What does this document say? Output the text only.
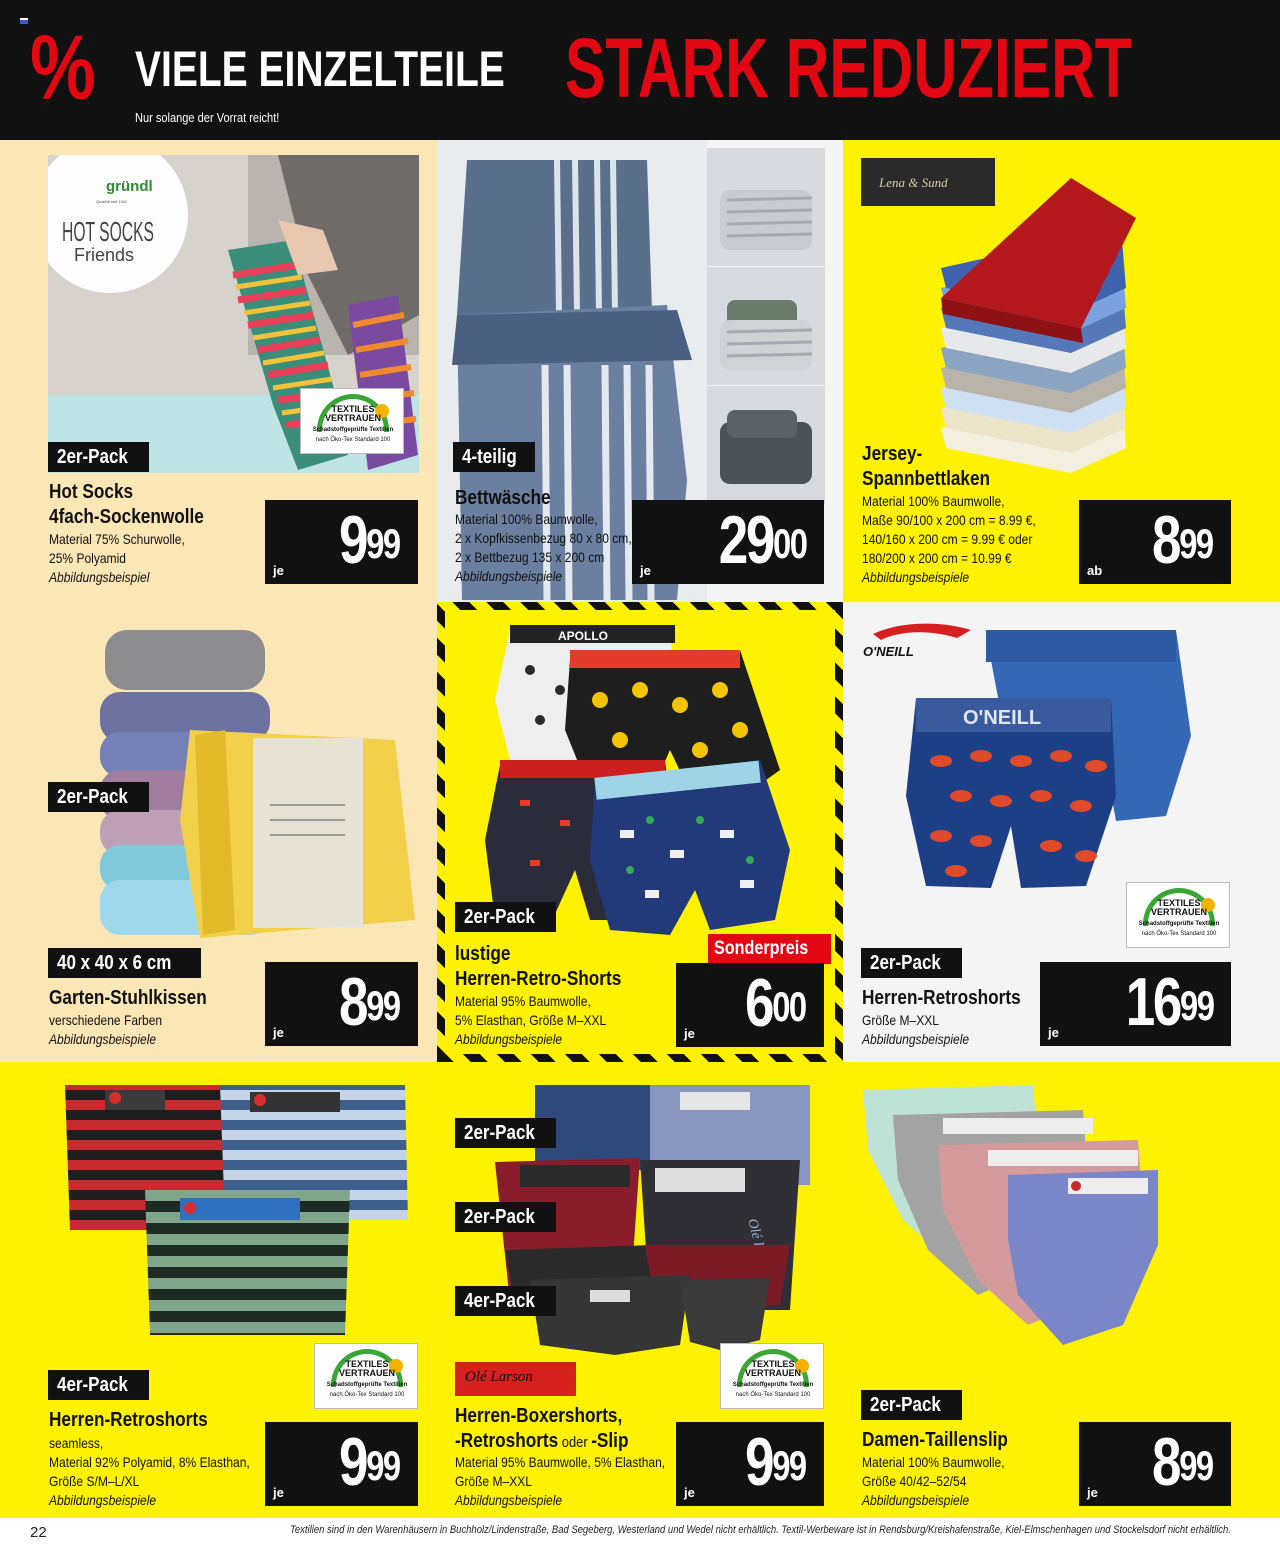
% VIELE EINZELTEILE STARK REDUZIERT
Nur solange der Vorrat reicht!
gründl
Qualität seit 1962
HOT SOCKS
Friends
TEXTILES
VERTRAUEN
Schadstoffgeprüfte Textilien
nach Öko-Tex Standard 100
2er-Pack
Hot Socks
4fach-Sockenwolle
Material 75% Schurwolle,
25% Polyamid
Abbildungsbeispiel	je $9^{99}$
4-teilig
Bettwäsche
Material 100% Baumwolle,
2 x Kopfkissenbezug 80 x 80 cm,
2 x Bettbezug 135 x 200 cm
Abbildungsbeispiele	je $29^{00}$
Lena & Sund
Jersey-
Spannbettlaken
Material 100% Baumwolle,
Maße 90/100 x 200 cm = 8.99 €,
140/160 x 200 cm = 9.99 € oder
180/200 x 200 cm = 10.99 €
Abbildungsbeispiele	ab $8^{99}$
2er-Pack
40 x 40 x 6 cm
Garten-Stuhlkissen
verschiedene Farben
Abbildungsbeispiele	je $8^{99}$
APOLLO
2er-Pack
lustige
Herren-Retro-Shorts
Material 95% Baumwolle,
5% Elasthan, Größe M–XXL
Abbildungsbeispiele
Sonderpreis
je $6^{00}$
O'NEILL
O'NEILL
TEXTILES
VERTRAUEN
Schadstoffgeprüfte Textilien
nach Öko-Tex Standard 100
2er-Pack
Herren-Retroshorts
Größe M–XXL
Abbildungsbeispiele	je $16^{99}$
TEXTILES
VERTRAUEN
Schadstoffgeprüfte Textilien
nach Öko-Tex Standard 100
4er-Pack
Herren-Retroshorts
seamless,
Material 92% Polyamid, 8% Elasthan,
Größe S/M–L/XL
Abbildungsbeispiele	je $9^{99}$
2er-Pack
2er-Pack
4er-Pack
Olé Larson
TEXTILES
VERTRAUEN
Schadstoffgeprüfte Textilien
nach Öko-Tex Standard 100
Herren-Boxershorts,
-Retroshorts oder -Slip
Material 95% Baumwolle, 5% Elasthan,
Größe M–XXL
Abbildungsbeispiele	je $9^{99}$
2er-Pack
Damen-Taillenslip
Material 100% Baumwolle,
Größe 40/42–52/54
Abbildungsbeispiele	je $8^{99}$
22	Textilien sind in den Warenhäusern in Buchholz/Lindenstraße, Bad Segeberg, Westerland und Wedel nicht erhältlich. Textil-Werbeware ist in Rendsburg/Kreishafenstraße, Kiel-Elmschenhagen und Stockelsdorf nicht erhältlich.
